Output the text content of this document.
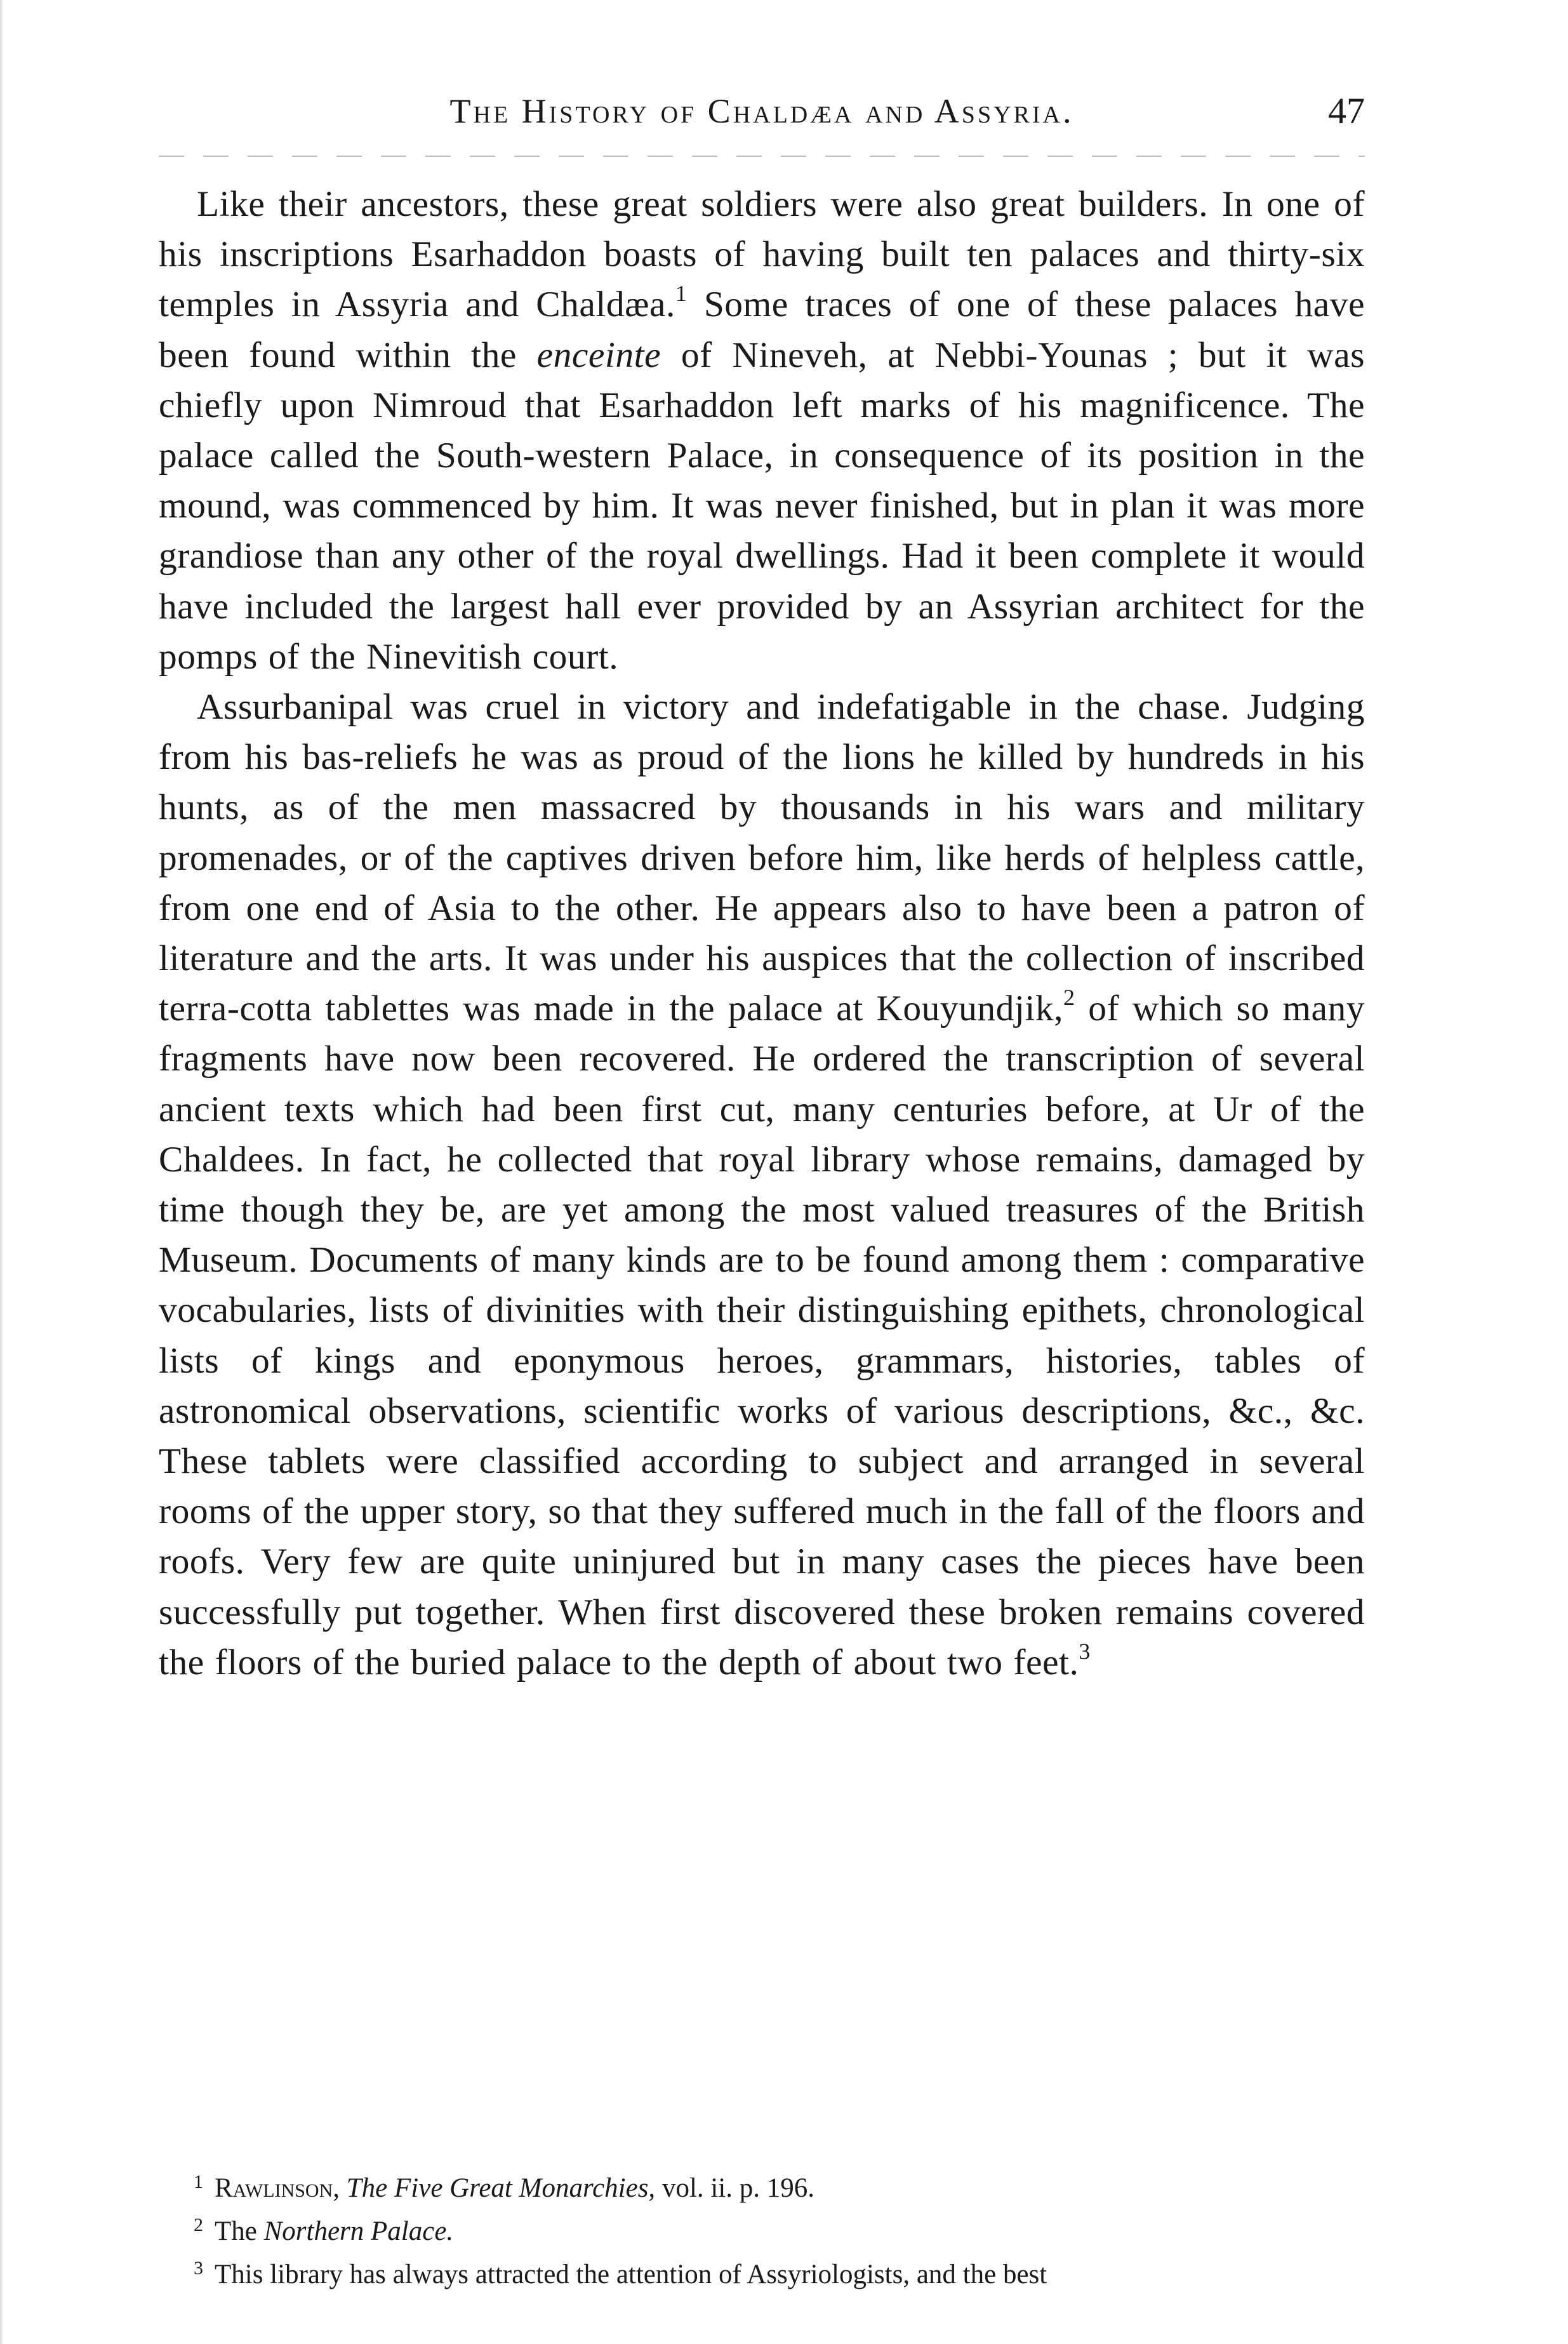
The History of Chaldæa and Assyria.	47

Like their ancestors, these great soldiers were also great builders. In one of his inscriptions Esarhaddon boasts of having built ten palaces and thirty-six temples in Assyria and Chaldæa.$^1$ Some traces of one of these palaces have been found within the enceinte of Nineveh, at Nebbi-Younas ; but it was chiefly upon Nimroud that Esarhaddon left marks of his magnificence. The palace called the South-western Palace, in consequence of its position in the mound, was commenced by him. It was never finished, but in plan it was more grandiose than any other of the royal dwellings. Had it been complete it would have included the largest hall ever provided by an Assyrian architect for the pomps of the Ninevitish court.

Assurbanipal was cruel in victory and indefatigable in the chase. Judging from his bas-reliefs he was as proud of the lions he killed by hundreds in his hunts, as of the men massacred by thousands in his wars and military promenades, or of the captives driven before him, like herds of helpless cattle, from one end of Asia to the other. He appears also to have been a patron of literature and the arts. It was under his auspices that the collection of inscribed terra-cotta tablettes was made in the palace at Kouyundjik,$^2$ of which so many fragments have now been recovered. He ordered the transcription of several ancient texts which had been first cut, many centuries before, at Ur of the Chaldees. In fact, he collected that royal library whose remains, damaged by time though they be, are yet among the most valued treasures of the British Museum. Documents of many kinds are to be found among them : comparative vocabularies, lists of divinities with their distinguishing epithets, chronological lists of kings and eponymous heroes, grammars, histories, tables of astronomical observations, scientific works of various descriptions, &c., &c. These tablets were classified according to subject and arranged in several rooms of the upper story, so that they suffered much in the fall of the floors and roofs. Very few are quite uninjured but in many cases the pieces have been successfully put together. When first discovered these broken remains covered the floors of the buried palace to the depth of about two feet.$^3$

$^1$ Rawlinson, The Five Great Monarchies, vol. ii. p. 196.

$^2$ The Northern Palace.

$^3$ This library has always attracted the attention of Assyriologists, and the best
